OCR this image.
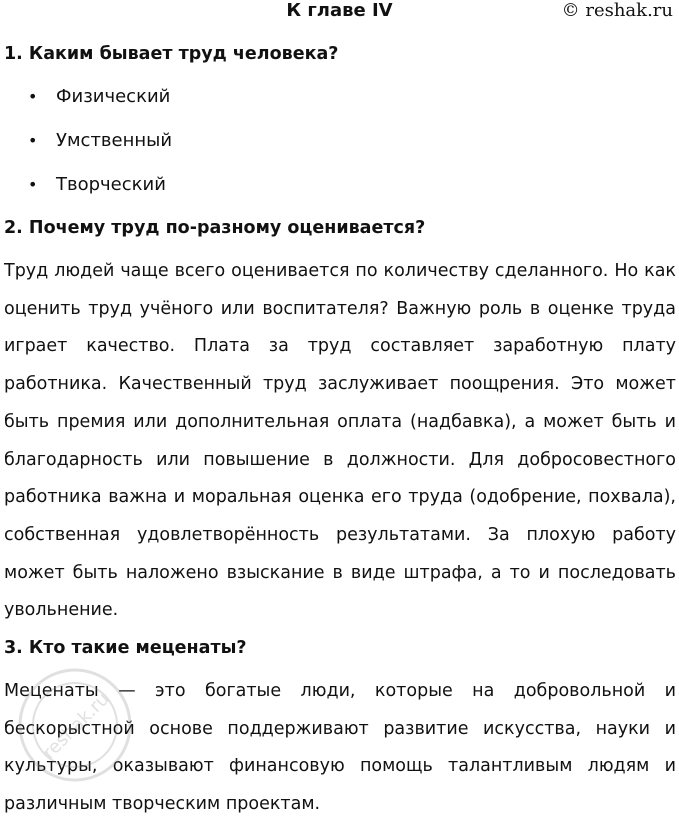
К главе IV	© reshak.ru
1. Каким бывает труд человека?
•	Физический
•	Умственный
•	Творческий
2. Почему труд по-разному оценивается?

Труд людей чаще всего оценивается по количеству сделанного. Но как оценить труд учёного или воспитателя? Важную роль в оценке труда играет качество. Плата за труд составляет заработную плату работника. Качественный труд заслуживает поощрения. Это может быть премия или дополнительная оплата (надбавка), а может быть и благодарность или повышение в должности. Для добросовестного работника важна и моральная оценка его труда (одобрение, похвала), собственная удовлетворённость результатами. За плохую работу может быть наложено взыскание в виде штрафа, а то и последовать увольнение.

3. Кто такие меценаты?

Меценаты — это богатые люди, которые на добровольной и бескорыстной основе поддерживают развитие искусства, науки и культуры, оказывают финансовую помощь талантливым людям и различным творческим проектам.

reshak.ru
